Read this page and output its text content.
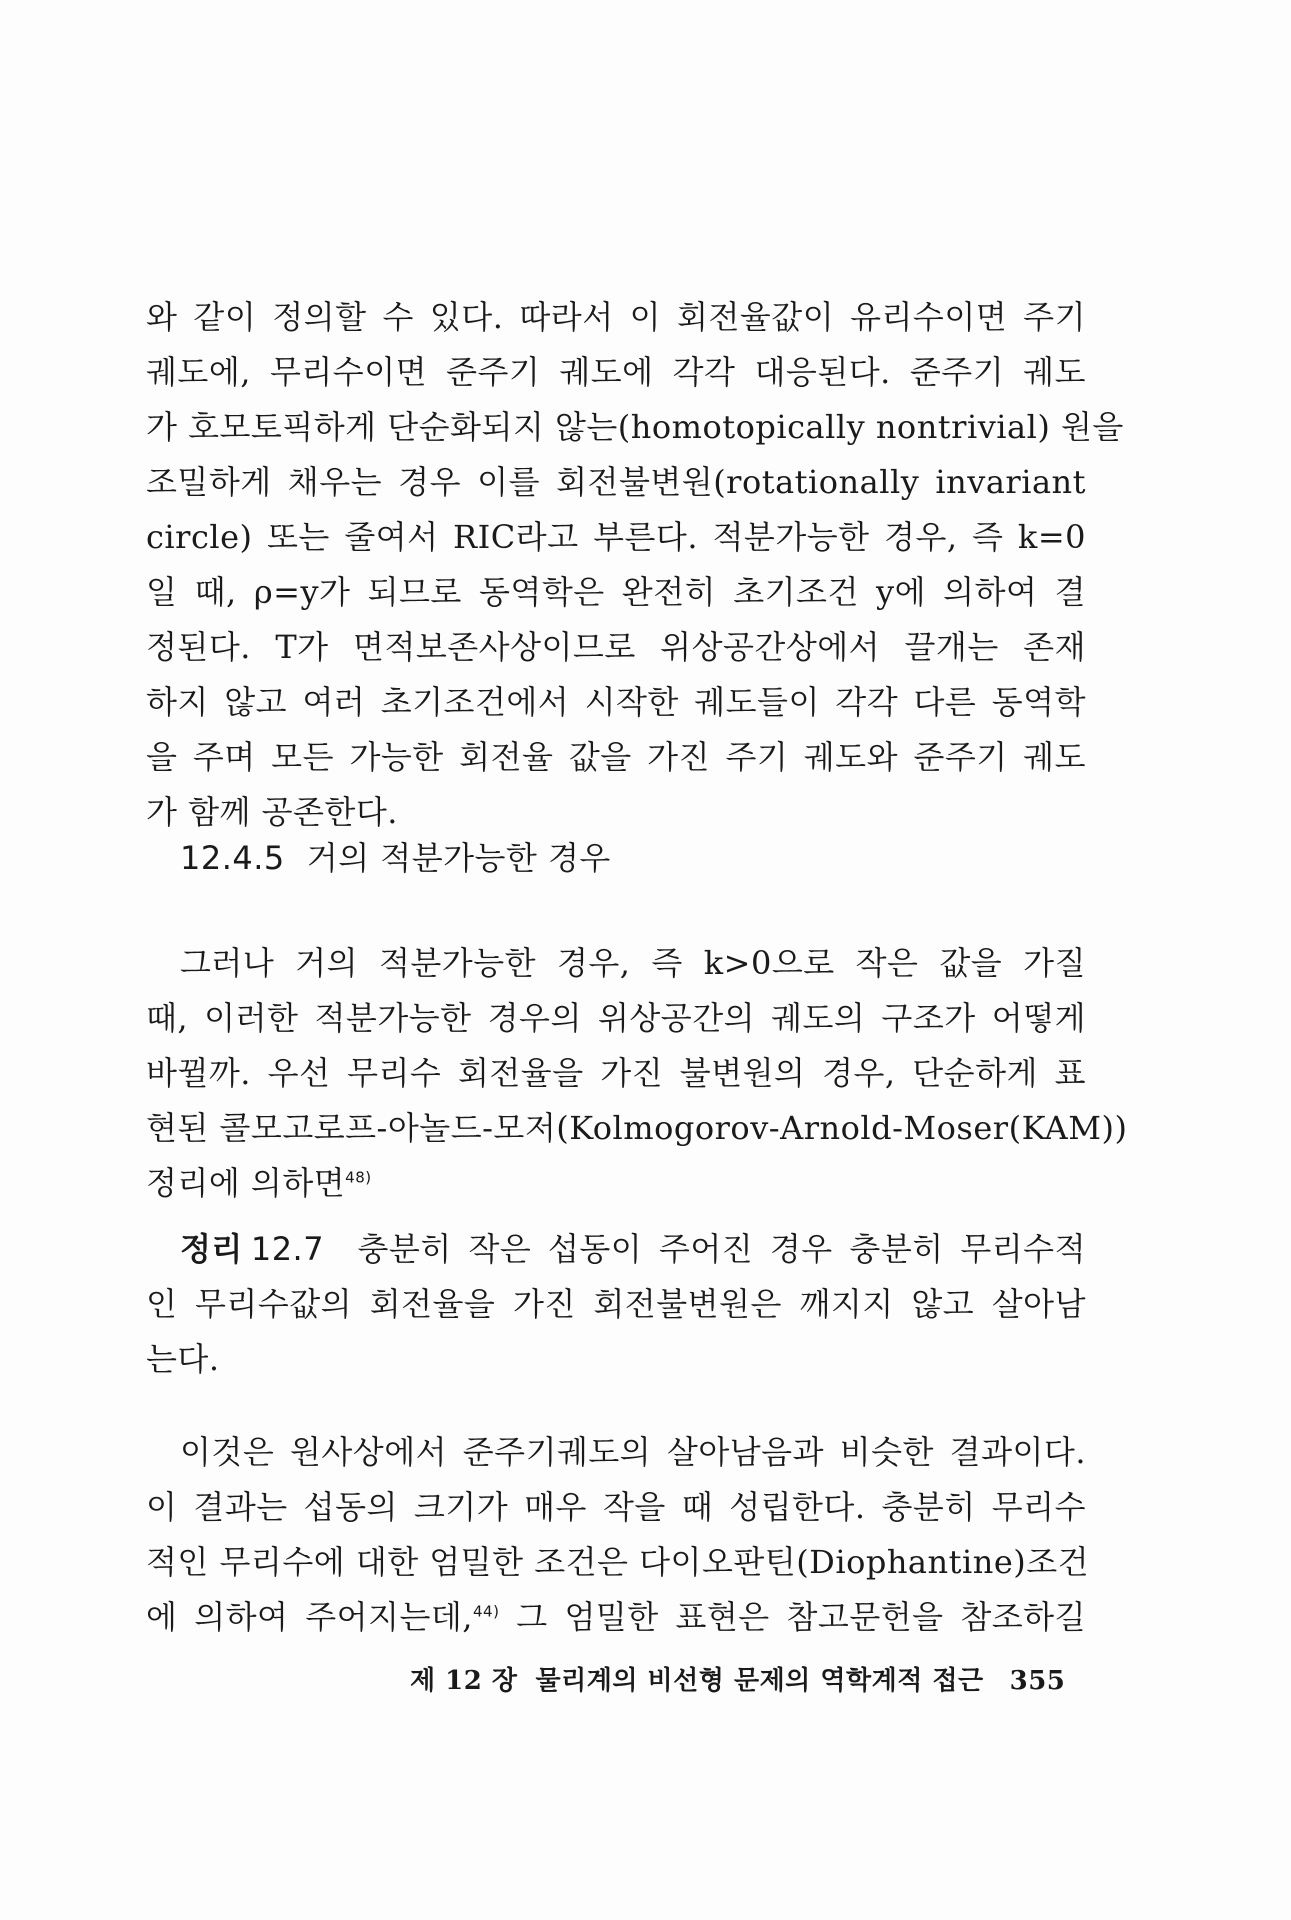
와 같이 정의할 수 있다. 따라서 이 회전율값이 유리수이면 주기
궤도에, 무리수이면 준주기 궤도에 각각 대응된다. 준주기 궤도
가 호모토픽하게 단순화되지 않는(homotopically nontrivial) 원을
조밀하게 채우는 경우 이를 회전불변원(rotationally invariant
circle) 또는 줄여서 RIC라고 부른다. 적분가능한 경우, 즉 k=0
일 때, ρ=y가 되므로 동역학은 완전히 초기조건 y에 의하여 결
정된다. T가 면적보존사상이므로 위상공간상에서 끌개는 존재
하지 않고 여러 초기조건에서 시작한 궤도들이 각각 다른 동역학
을 주며 모든 가능한 회전율 값을 가진 주기 궤도와 준주기 궤도
가 함께 공존한다.
12.4.5 거의 적분가능한 경우
그러나 거의 적분가능한 경우, 즉 k>0으로 작은 값을 가질
때, 이러한 적분가능한 경우의 위상공간의 궤도의 구조가 어떻게
바뀔까. 우선 무리수 회전율을 가진 불변원의 경우, 단순하게 표
현된 콜모고로프-아놀드-모저(Kolmogorov-Arnold-Moser(KAM))
정리에 의하면$^{48)}$
정리 12.7 충분히 작은 섭동이 주어진 경우 충분히 무리수적
인 무리수값의 회전율을 가진 회전불변원은 깨지지 않고 살아남
는다.
이것은 원사상에서 준주기궤도의 살아남음과 비슷한 결과이다.
이 결과는 섭동의 크기가 매우 작을 때 성립한다. 충분히 무리수
적인 무리수에 대한 엄밀한 조건은 다이오판틴(Diophantine)조건
에 의하여 주어지는데,$^{44)}$ 그 엄밀한 표현은 참고문헌을 참조하길
제 12 장 물리계의 비선형 문제의 역학계적 접근 355
